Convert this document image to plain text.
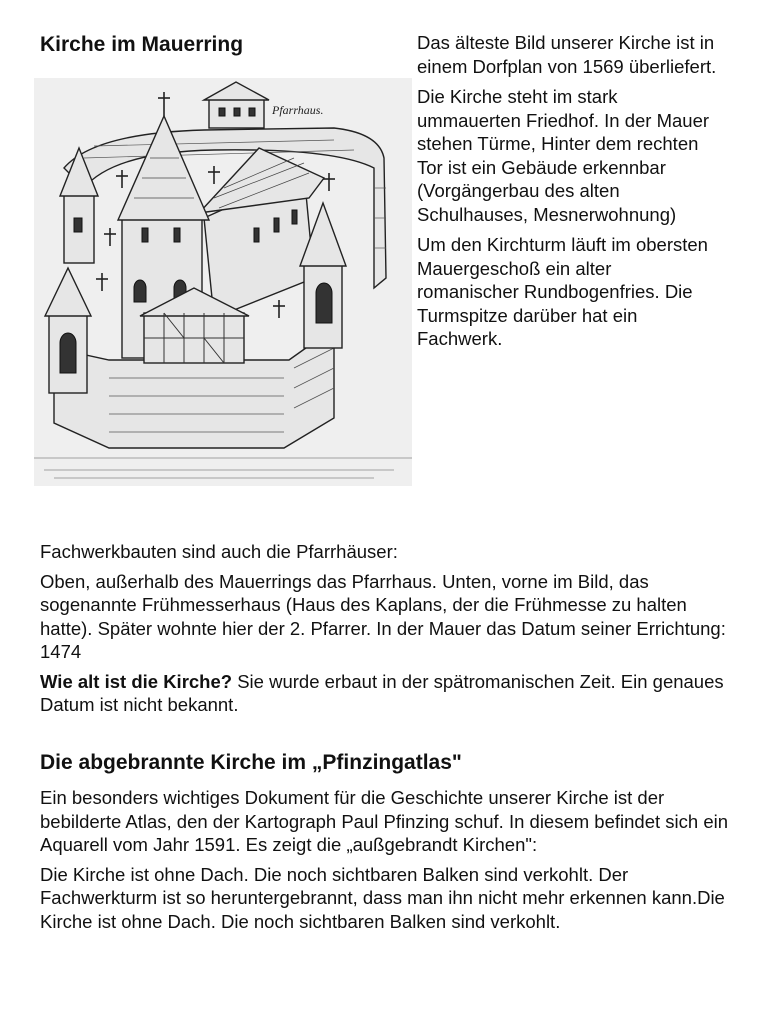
Kirche im Mauerring	Das älteste Bild unserer Kirche ist in einem Dorfplan von 1569 überliefert.

Die Kirche steht im stark ummauerten Friedhof. In der Mauer stehen Türme, Hinter dem rechten Tor ist ein Gebäude erkennbar (Vorgängerbau des alten Schulhauses, Mesnerwohnung)

Um den Kirchturm läuft im obersten Mauergeschoß ein alter romanischer Rundbogenfries. Die Turmspitze darüber hat ein Fachwerk.

Pfarrhaus.

Fachwerkbauten sind auch die Pfarrhäuser:

Oben, außerhalb des Mauerrings das Pfarrhaus. Unten, vorne im Bild, das sogenannte Frühmesserhaus (Haus des Kaplans, der die Frühmesse zu halten hatte). Später wohnte hier der 2. Pfarrer. In der Mauer das Datum seiner Errichtung: 1474

Wie alt ist die Kirche? Sie wurde erbaut in der spätromanischen Zeit. Ein genaues Datum ist nicht bekannt.

Die abgebrannte Kirche im „Pfinzingatlas"

Ein besonders wichtiges Dokument für die Geschichte unserer Kirche ist der bebilderte Atlas, den der Kartograph Paul Pfinzing schuf. In diesem befindet sich ein Aquarell vom Jahr 1591. Es zeigt die „außgebrandt Kirchen":

Die Kirche ist ohne Dach. Die noch sichtbaren Balken sind verkohlt. Der Fachwerkturm ist so heruntergebrannt, dass man ihn nicht mehr erkennen kann.Die Kirche ist ohne Dach. Die noch sichtbaren Balken sind verkohlt.
